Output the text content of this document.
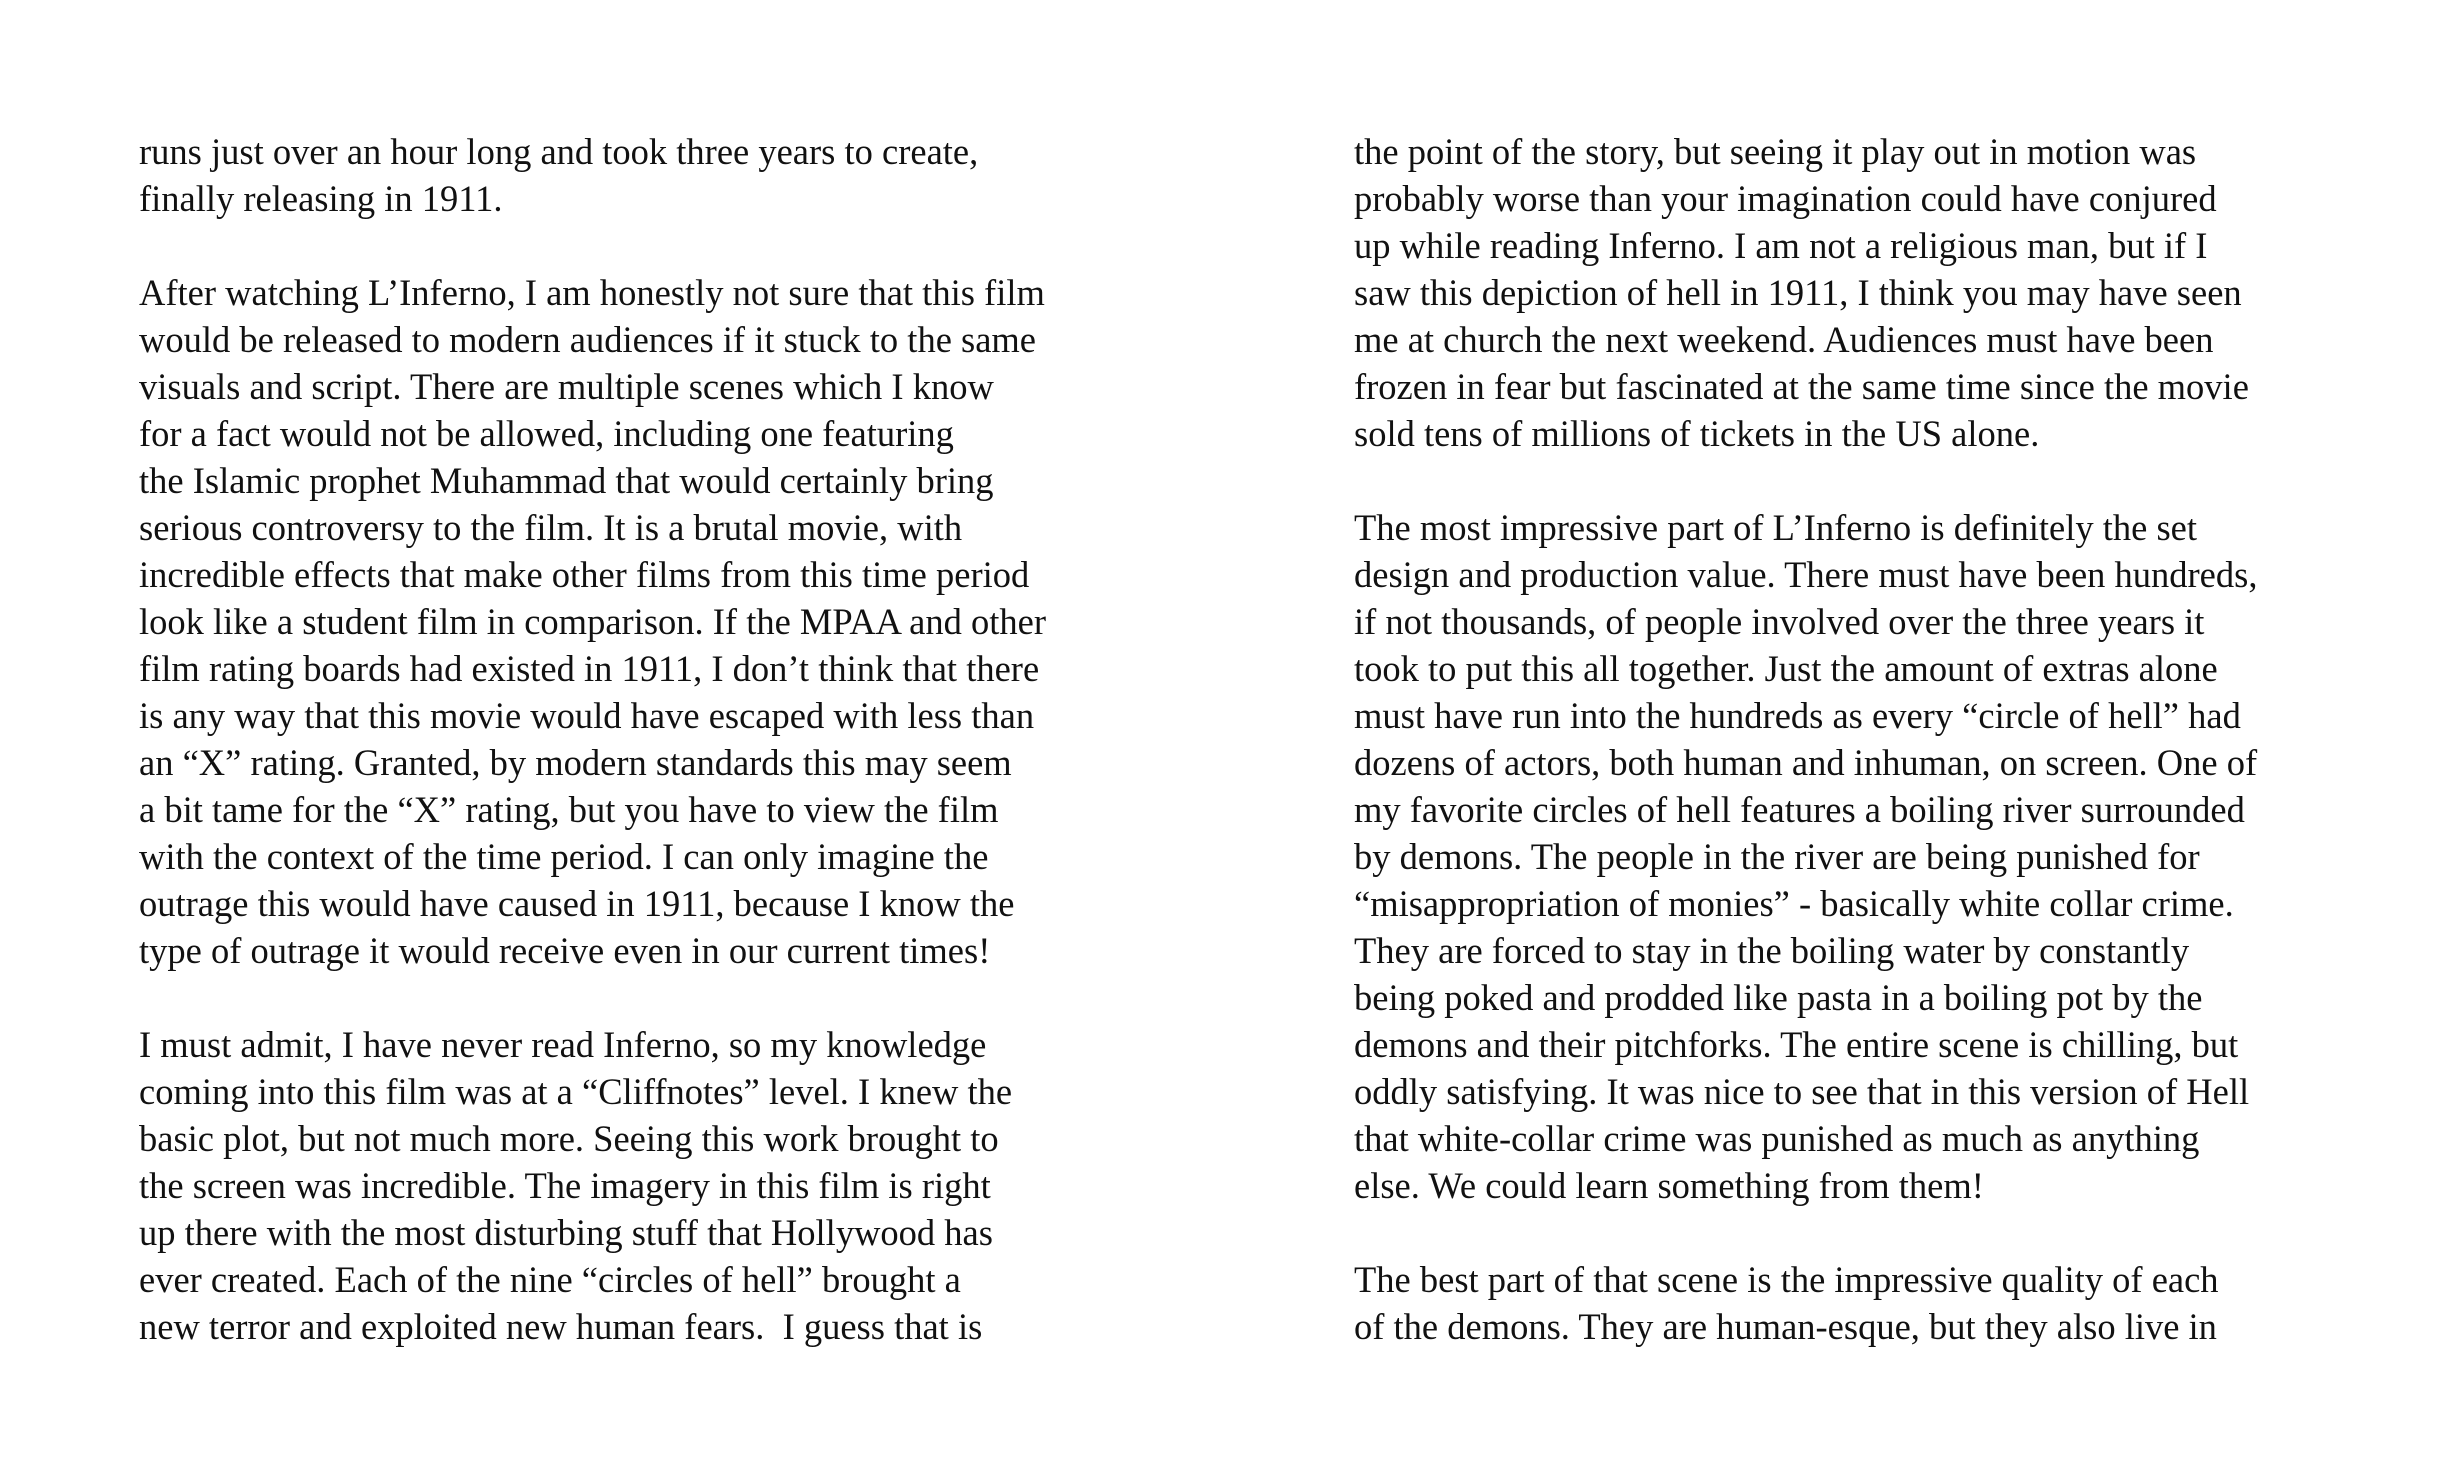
runs just over an hour long and took three years to create,
finally releasing in 1911.
After watching L’Inferno, I am honestly not sure that this film
would be released to modern audiences if it stuck to the same
visuals and script. There are multiple scenes which I know
for a fact would not be allowed, including one featuring
the Islamic prophet Muhammad that would certainly bring
serious controversy to the film. It is a brutal movie, with
incredible effects that make other films from this time period
look like a student film in comparison. If the MPAA and other
film rating boards had existed in 1911, I don’t think that there
is any way that this movie would have escaped with less than
an “X” rating. Granted, by modern standards this may seem
a bit tame for the “X” rating, but you have to view the film
with the context of the time period. I can only imagine the
outrage this would have caused in 1911, because I know the
type of outrage it would receive even in our current times!
I must admit, I have never read Inferno, so my knowledge
coming into this film was at a “Cliffnotes” level. I knew the
basic plot, but not much more. Seeing this work brought to
the screen was incredible. The imagery in this film is right
up there with the most disturbing stuff that Hollywood has
ever created. Each of the nine “circles of hell” brought a
new terror and exploited new human fears.  I guess that is
the point of the story, but seeing it play out in motion was
probably worse than your imagination could have conjured
up while reading Inferno. I am not a religious man, but if I
saw this depiction of hell in 1911, I think you may have seen
me at church the next weekend. Audiences must have been
frozen in fear but fascinated at the same time since the movie
sold tens of millions of tickets in the US alone.
The most impressive part of L’Inferno is definitely the set
design and production value. There must have been hundreds,
if not thousands, of people involved over the three years it
took to put this all together. Just the amount of extras alone
must have run into the hundreds as every “circle of hell” had
dozens of actors, both human and inhuman, on screen. One of
my favorite circles of hell features a boiling river surrounded
by demons. The people in the river are being punished for
“misappropriation of monies” - basically white collar crime.
They are forced to stay in the boiling water by constantly
being poked and prodded like pasta in a boiling pot by the
demons and their pitchforks. The entire scene is chilling, but
oddly satisfying. It was nice to see that in this version of Hell
that white-collar crime was punished as much as anything
else. We could learn something from them!
The best part of that scene is the impressive quality of each
of the demons. They are human-esque, but they also live in
